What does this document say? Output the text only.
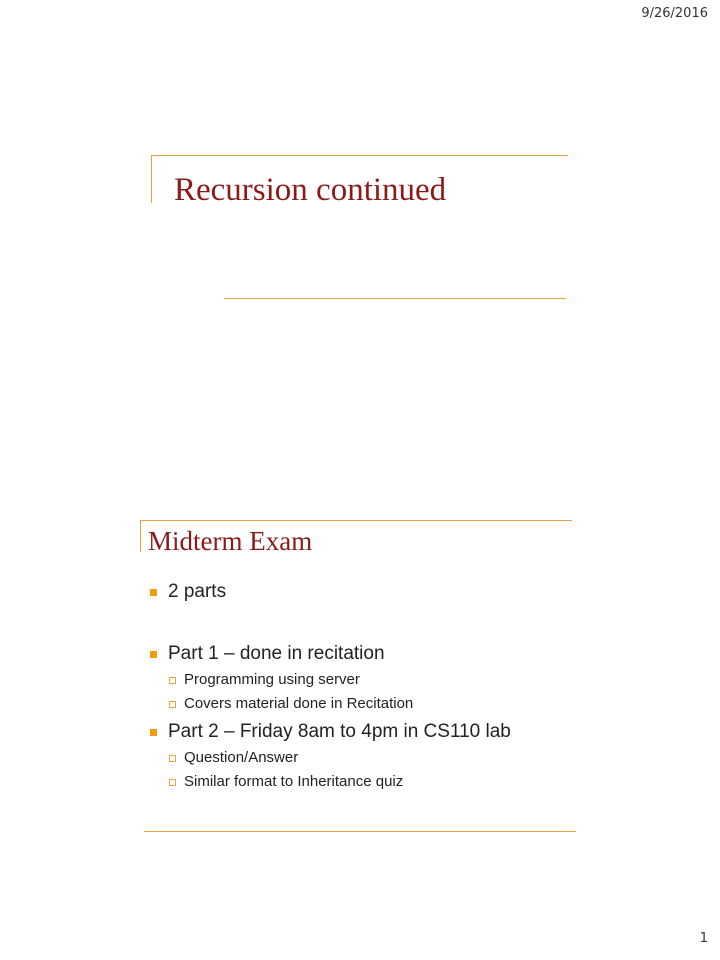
9/26/2016
Recursion continued
Midterm Exam
2 parts
Part 1 – done in recitation
Programming using server
Covers material done in Recitation
Part 2 – Friday 8am to 4pm in CS110 lab
Question/Answer
Similar format to Inheritance quiz
1
